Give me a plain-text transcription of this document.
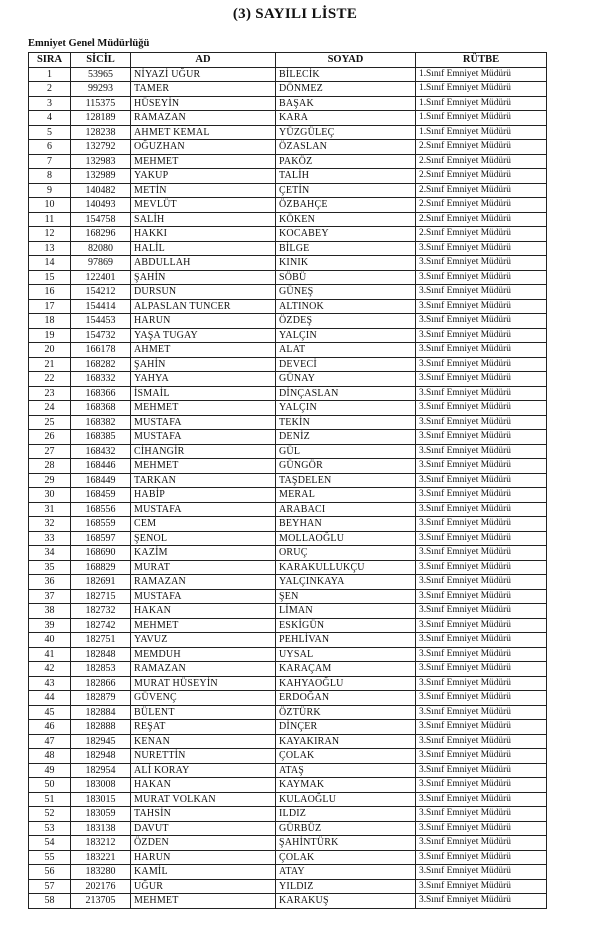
(3) SAYILI LİSTE
Emniyet Genel Müdürlüğü
SIRA	SİCİL	AD	SOYAD	RÜTBE
1	53965	NİYAZİ UĞUR	BİLECİK	1.Sınıf Emniyet Müdürü
2	99293	TAMER	DÖNMEZ	1.Sınıf Emniyet Müdürü
3	115375	HÜSEYİN	BAŞAK	1.Sınıf Emniyet Müdürü
4	128189	RAMAZAN	KARA	1.Sınıf Emniyet Müdürü
5	128238	AHMET KEMAL	YÜZGÜLEÇ	1.Sınıf Emniyet Müdürü
6	132792	OĞUZHAN	ÖZASLAN	2.Sınıf Emniyet Müdürü
7	132983	MEHMET	PAKÖZ	2.Sınıf Emniyet Müdürü
8	132989	YAKUP	TALİH	2.Sınıf Emniyet Müdürü
9	140482	METİN	ÇETİN	2.Sınıf Emniyet Müdürü
10	140493	MEVLÜT	ÖZBAHÇE	2.Sınıf Emniyet Müdürü
11	154758	SALİH	KÖKEN	2.Sınıf Emniyet Müdürü
12	168296	HAKKI	KOCABEY	2.Sınıf Emniyet Müdürü
13	82080	HALİL	BİLGE	3.Sınıf Emniyet Müdürü
14	97869	ABDULLAH	KINIK	3.Sınıf Emniyet Müdürü
15	122401	ŞAHİN	SÖBÜ	3.Sınıf Emniyet Müdürü
16	154212	DURSUN	GÜNEŞ	3.Sınıf Emniyet Müdürü
17	154414	ALPASLAN TUNCER	ALTINOK	3.Sınıf Emniyet Müdürü
18	154453	HARUN	ÖZDEŞ	3.Sınıf Emniyet Müdürü
19	154732	YAŞA TUGAY	YALÇIN	3.Sınıf Emniyet Müdürü
20	166178	AHMET	ALAT	3.Sınıf Emniyet Müdürü
21	168282	ŞAHİN	DEVECİ	3.Sınıf Emniyet Müdürü
22	168332	YAHYA	GÜNAY	3.Sınıf Emniyet Müdürü
23	168366	İSMAİL	DİNÇASLAN	3.Sınıf Emniyet Müdürü
24	168368	MEHMET	YALÇIN	3.Sınıf Emniyet Müdürü
25	168382	MUSTAFA	TEKİN	3.Sınıf Emniyet Müdürü
26	168385	MUSTAFA	DENİZ	3.Sınıf Emniyet Müdürü
27	168432	CİHANGİR	GÜL	3.Sınıf Emniyet Müdürü
28	168446	MEHMET	GÜNGÖR	3.Sınıf Emniyet Müdürü
29	168449	TARKAN	TAŞDELEN	3.Sınıf Emniyet Müdürü
30	168459	HABİP	MERAL	3.Sınıf Emniyet Müdürü
31	168556	MUSTAFA	ARABACI	3.Sınıf Emniyet Müdürü
32	168559	CEM	BEYHAN	3.Sınıf Emniyet Müdürü
33	168597	ŞENOL	MOLLAOĞLU	3.Sınıf Emniyet Müdürü
34	168690	KAZİM	ORUÇ	3.Sınıf Emniyet Müdürü
35	168829	MURAT	KARAKULLUKÇU	3.Sınıf Emniyet Müdürü
36	182691	RAMAZAN	YALÇINKAYA	3.Sınıf Emniyet Müdürü
37	182715	MUSTAFA	ŞEN	3.Sınıf Emniyet Müdürü
38	182732	HAKAN	LİMAN	3.Sınıf Emniyet Müdürü
39	182742	MEHMET	ESKİGÜN	3.Sınıf Emniyet Müdürü
40	182751	YAVUZ	PEHLİVAN	3.Sınıf Emniyet Müdürü
41	182848	MEMDUH	UYSAL	3.Sınıf Emniyet Müdürü
42	182853	RAMAZAN	KARAÇAM	3.Sınıf Emniyet Müdürü
43	182866	MURAT HÜSEYİN	KAHYAOĞLU	3.Sınıf Emniyet Müdürü
44	182879	GÜVENÇ	ERDOĞAN	3.Sınıf Emniyet Müdürü
45	182884	BÜLENT	ÖZTÜRK	3.Sınıf Emniyet Müdürü
46	182888	REŞAT	DİNÇER	3.Sınıf Emniyet Müdürü
47	182945	KENAN	KAYAKIRAN	3.Sınıf Emniyet Müdürü
48	182948	NURETTİN	ÇOLAK	3.Sınıf Emniyet Müdürü
49	182954	ALİ KORAY	ATAŞ	3.Sınıf Emniyet Müdürü
50	183008	HAKAN	KAYMAK	3.Sınıf Emniyet Müdürü
51	183015	MURAT VOLKAN	KULAOĞLU	3.Sınıf Emniyet Müdürü
52	183059	TAHSİN	ILDIZ	3.Sınıf Emniyet Müdürü
53	183138	DAVUT	GÜRBÜZ	3.Sınıf Emniyet Müdürü
54	183212	ÖZDEN	ŞAHİNTÜRK	3.Sınıf Emniyet Müdürü
55	183221	HARUN	ÇOLAK	3.Sınıf Emniyet Müdürü
56	183280	KAMİL	ATAY	3.Sınıf Emniyet Müdürü
57	202176	UĞUR	YILDIZ	3.Sınıf Emniyet Müdürü
58	213705	MEHMET	KARAKUŞ	3.Sınıf Emniyet Müdürü
